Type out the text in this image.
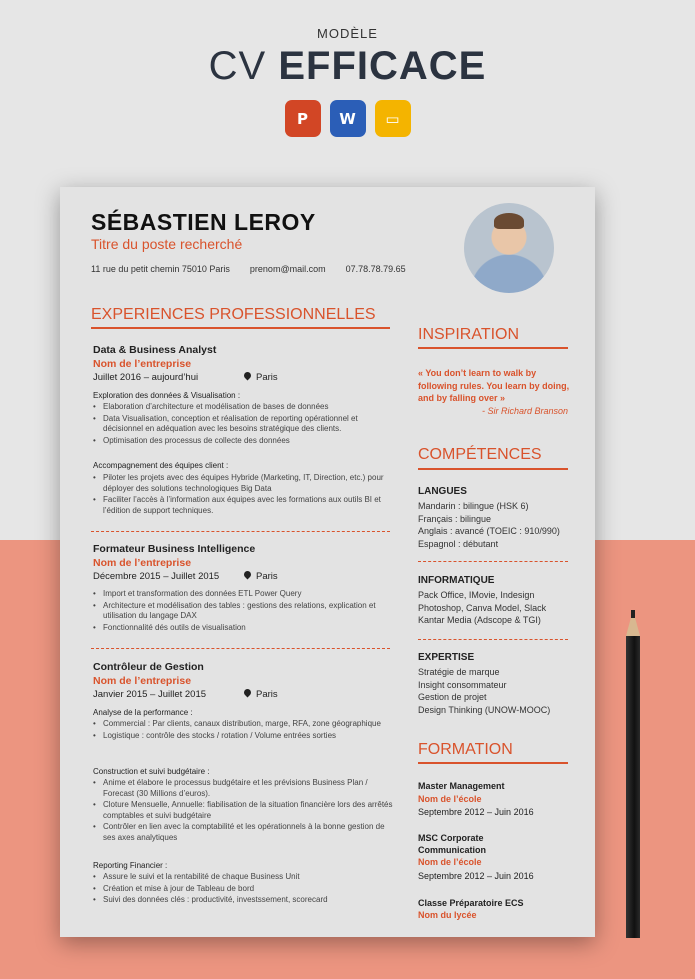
MODÈLE
CV EFFICACE
P	W	▭
SÉBASTIEN LEROY
Titre du poste recherché
11 rue du petit chemin 75010 Paris prenom@mail.com 07.78.78.79.65
EXPERIENCES PROFESSIONNELLES
Data & Business Analyst
Nom de l’entreprise
Juillet 2016 – aujourd’hui	Paris
Exploration des données & Visualisation :
• Elaboration d’architecture et modélisation de bases de données
• Data Visualisation, conception et réalisation de reporting opérationnel et décisionnel en adéquation avec les besoins stratégique des clients.
• Optimisation des processus de collecte des données
Accompagnement des équipes client :
• Piloter les projets avec des équipes Hybride (Marketing, IT, Direction, etc.) pour déployer des solutions technologiques Big Data
• Faciliter l’accès à l’information aux équipes avec les formations aux outils BI et l’édition de support techniques.
Formateur Business Intelligence
Nom de l’entreprise
Décembre 2015 – Juillet 2015	Paris
• Import et transformation des données ETL Power Query
• Architecture et modélisation des tables : gestions des relations, explication et utilisation du langage DAX
• Fonctionnalité dés outils de visualisation
Contrôleur de Gestion
Nom de l’entreprise
Janvier 2015 – Juillet 2015	Paris
Analyse de la performance :
• Commercial : Par clients, canaux distribution, marge, RFA, zone géographique
• Logistique : contrôle des stocks / rotation / Volume entrées sorties
Construction et suivi budgétaire :
• Anime et élabore le processus budgétaire et les prévisions Business Plan / Forecast (30 Millions d’euros).
• Cloture Mensuelle, Annuelle: fiabilisation de la situation financière lors des arrêtés comptables et suivi budgétaire
• Contrôler en lien avec la comptabilité et les opérationnels à la bonne gestion de ses axes analytiques
Reporting Financier :
• Assure le suivi et la rentabilité de chaque Business Unit
• Création et mise à jour de Tableau de bord
• Suivi des données clés : productivité, investssement, scorecard
INSPIRATION
« You don’t learn to walk by following rules. You learn by doing, and by falling over »
- Sir Richard Branson
COMPÉTENCES
LANGUES
Mandarin : bilingue (HSK 6)
Français : bilingue
Anglais : avancé (TOEIC : 910/990)
Espagnol : débutant
INFORMATIQUE
Pack Office, IMovie, Indesign
Photoshop, Canva Model, Slack
Kantar Media (Adscope & TGI)
EXPERTISE
Stratégie de marque
Insight consommateur
Gestion de projet
Design Thinking (UNOW-MOOC)
FORMATION
Master Management
Nom de l’école
Septembre 2012 – Juin 2016
MSC Corporate
Communication
Nom de l’école
Septembre 2012 – Juin 2016
Classe Préparatoire ECS
Nom du lycée
